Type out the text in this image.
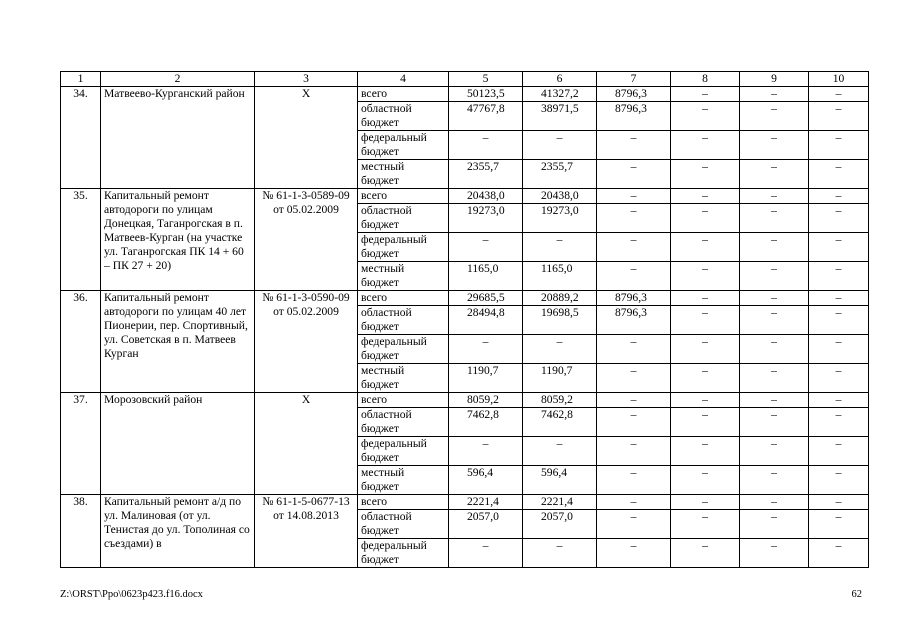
1	2	3	4	5	6	7	8	9	10
34.	Матвеево-Курганский район	Х	всего	50123,5	41327,2	8796,3	–	–	–
			областной бюджет	47767,8	38971,5	8796,3	–	–	–
			федеральный бюджет	–	–	–	–	–	–
			местный бюджет	2355,7	2355,7	–	–	–	–
35.	Капитальный ремонт автодороги по улицам Донецкая, Таганрогская в п. Матвеев-Курган (на участке ул. Таганрогская ПК 14 + 60 – ПК 27 + 20)	№ 61-1-3-0589-09 от 05.02.2009	всего	20438,0	20438,0	–	–	–	–
			областной бюджет	19273,0	19273,0	–	–	–	–
			федеральный бюджет	–	–	–	–	–	–
			местный бюджет	1165,0	1165,0	–	–	–	–
36.	Капитальный ремонт автодороги по улицам 40 лет Пионерии, пер. Спортивный, ул. Советская в п. Матвеев Курган	№ 61-1-3-0590-09 от 05.02.2009	всего	29685,5	20889,2	8796,3	–	–	–
			областной бюджет	28494,8	19698,5	8796,3	–	–	–
			федеральный бюджет	–	–	–	–	–	–
			местный бюджет	1190,7	1190,7	–	–	–	–
37.	Морозовский район	Х	всего	8059,2	8059,2	–	–	–	–
			областной бюджет	7462,8	7462,8	–	–	–	–
			федеральный бюджет	–	–	–	–	–	–
			местный бюджет	596,4	596,4	–	–	–	–
38.	Капитальный ремонт а/д по ул. Малиновая (от ул. Тенистая до ул. Тополиная со съездами) в	№ 61-1-5-0677-13 от 14.08.2013	всего	2221,4	2221,4	–	–	–	–
			областной бюджет	2057,0	2057,0	–	–	–	–
			федеральный бюджет	–	–	–	–	–	–
Z:\ORST\Ppo\0623p423.f16.docx	62
